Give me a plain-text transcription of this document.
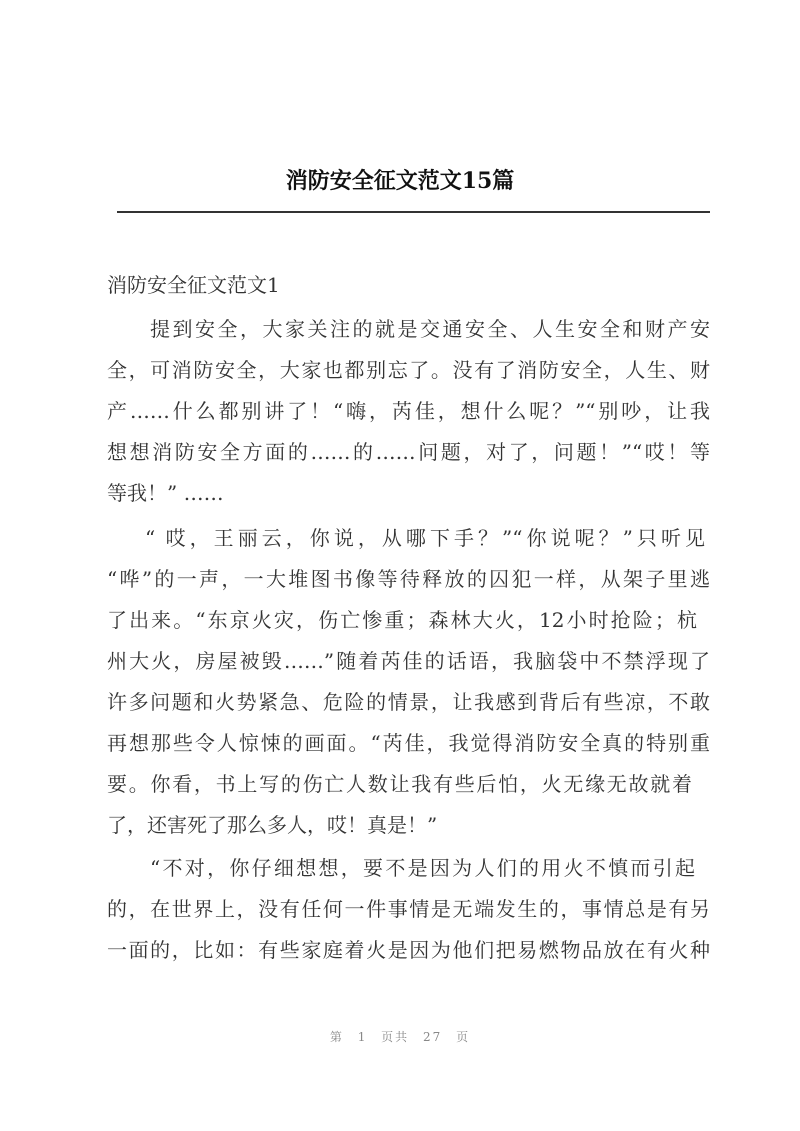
消防安全征文范文15篇
消防安全征文范文1
提到安全，大家关注的就是交通安全、人生安全和财产安
全，可消防安全，大家也都别忘了。没有了消防安全，人生、财
产……什么都别讲了！“嗨，芮佳，想什么呢？”“别吵，让我
想想消防安全方面的……的……问题，对了，问题！”“哎！等
等我！” ……
“ 哎，王丽云，你说，从哪下手？”“你说呢？”只听见
“哗”的一声，一大堆图书像等待释放的囚犯一样，从架子里逃
了出来。“东京火灾，伤亡惨重；森林大火，12小时抢险；杭
州大火，房屋被毁……”随着芮佳的话语，我脑袋中不禁浮现了
许多问题和火势紧急、危险的情景，让我感到背后有些凉，不敢
再想那些令人惊悚的画面。“芮佳，我觉得消防安全真的特别重
要。你看，书上写的伤亡人数让我有些后怕，火无缘无故就着
了，还害死了那么多人，哎！真是！”
“不对，你仔细想想，要不是因为人们的用火不慎而引起
的，在世界上，没有任何一件事情是无端发生的，事情总是有另
一面的，比如：有些家庭着火是因为他们把易燃物品放在有火种
第 1 页共 27 页
